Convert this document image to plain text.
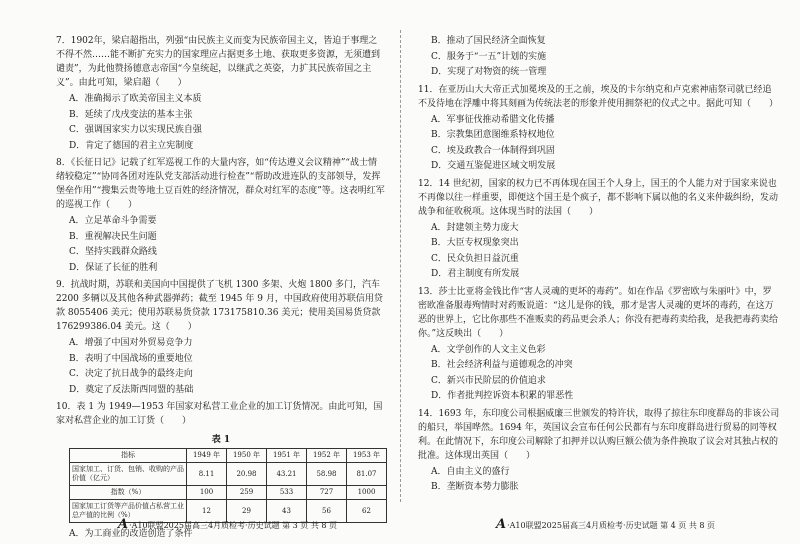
7．1902年，梁启超指出，列强“由民族主义而变为民族帝国主义，皆迫于事理之不得不然……能不断扩充实力的国家理应占据更多土地、获取更多资源，无须遭到谴责”，为此他赞扬德意志帝国“今皇统起，以继武之英姿，力扩其民族帝国之主义”。由此可知，梁启超（　　）
A．准确揭示了欧美帝国主义本质
B．延续了戊戌变法的基本主张
C．强调国家实力以实现民族自强
D．肯定了德国的君主立宪制度
8．《长征日记》记载了红军巡视工作的大量内容，如“传达遵义会议精神”“战士情绪较稳定”“协同各团对连队党支部活动进行检查”“帮助改进连队的支部领导，发挥堡垒作用”“搜集云贵等地土豆百姓的经济情况，群众对红军的态度”等。这表明红军的巡视工作（　　）
A．立足革命斗争需要
B．重视解决民生问题
C．坚持实践群众路线
D．保证了长征的胜利
9．抗战时期，苏联和美国向中国提供了飞机 1300 多架、火炮 1800 多门，汽车 2200 多辆以及其他各种武器弹药；截至 1945 年 9 月，中国政府使用苏联信用贷款 8055406 美元；使用苏联易货贷款 173175810.36 美元；使用美国易货贷款 176299386.04 美元。这（　　）
A．增强了中国对外贸易竞争力
B．表明了中国战场的重要地位
C．决定了抗日战争的最终走向
D．奠定了反法斯西同盟的基础
10．表 1 为 1949—1953 年国家对私营工业企业的加工订货情况。由此可知，国家对私营企业的加工订货（　　）
表 1
指标	1949 年	1950 年	1951 年	1952 年	1953 年
国家加工、订货、包销、收购的产品价值（亿元）	8.11	20.98	43.21	58.98	81.07
指数（%）	100	259	533	727	1000
国家加工订货等产品价值占私营工业总产值的比例（%）	12	29	43	56	62
A．为工商业的改造创造了条件
A ·A10联盟2025届高三4月质检考·历史试题 第 3 页 共 8 页
B．推动了国民经济全面恢复
C．服务于“一五”计划的实施
D．实现了对物资的统一管理
11．在亚历山大大帝正式加冕埃及的王之前，埃及的卡尔纳克和卢克索神庙祭司就已经追不及待地在浮雕中将其刻画为传统法老的形象并使用拥祭祀的仪式之中。据此可知（　　）
A．军事征伐推动希腊文化传播
B．宗教集团意图维系特权地位
C．埃及政教合一体制得到巩固
D．交通互鉴促进区域文明发展
12．14 世纪初，国家的权力已不再体现在国王个人身上，国王的个人能力对于国家来说也不再像以往一样重要，即便这个国王是个疯子，都不影响下属以他的名义来仲裁纠纷，发动战争和征收税项。这体现当时的法国（　　）
A．封建领主势力庞大
B．大臣专权现象突出
C．民众负担日益沉重
D．君主制度有所发展
13．莎士比亚将金钱比作“害人灵魂的更坏的毒药”。如在作品《罗密欧与朱丽叶》中，罗密欧准备服毒殉情时对药贩说道：“这儿是你的钱，那才是害人灵魂的更坏的毒药，在这万恶的世界上，它比你那些不准贩卖的药品更会杀人；你没有把毒药卖给我，是我把毒药卖给你。”这反映出（　　）
A．文学创作的人文主义色彩
B．社会经济利益与道德观念的冲突
C．新兴市民阶层的价值追求
D．作者批判控诉资本积累的罪恶性
14．1693 年，东印度公司根据威廉三世颁发的特许状，取得了掠往东印度群岛的非该公司的船只，举国哗然。1694 年，英国议会宣布任何公民都有与东印度群岛进行贸易的同等权利。在此情况下，东印度公司解除了扣押并以认购巨额公债为条件换取了议会对其独占权的批准。这体现出英国（　　）
A．自由主义的盛行
B．垄断资本势力膨胀
A ·A10联盟2025届高三4月质检考·历史试题 第 4 页 共 8 页
